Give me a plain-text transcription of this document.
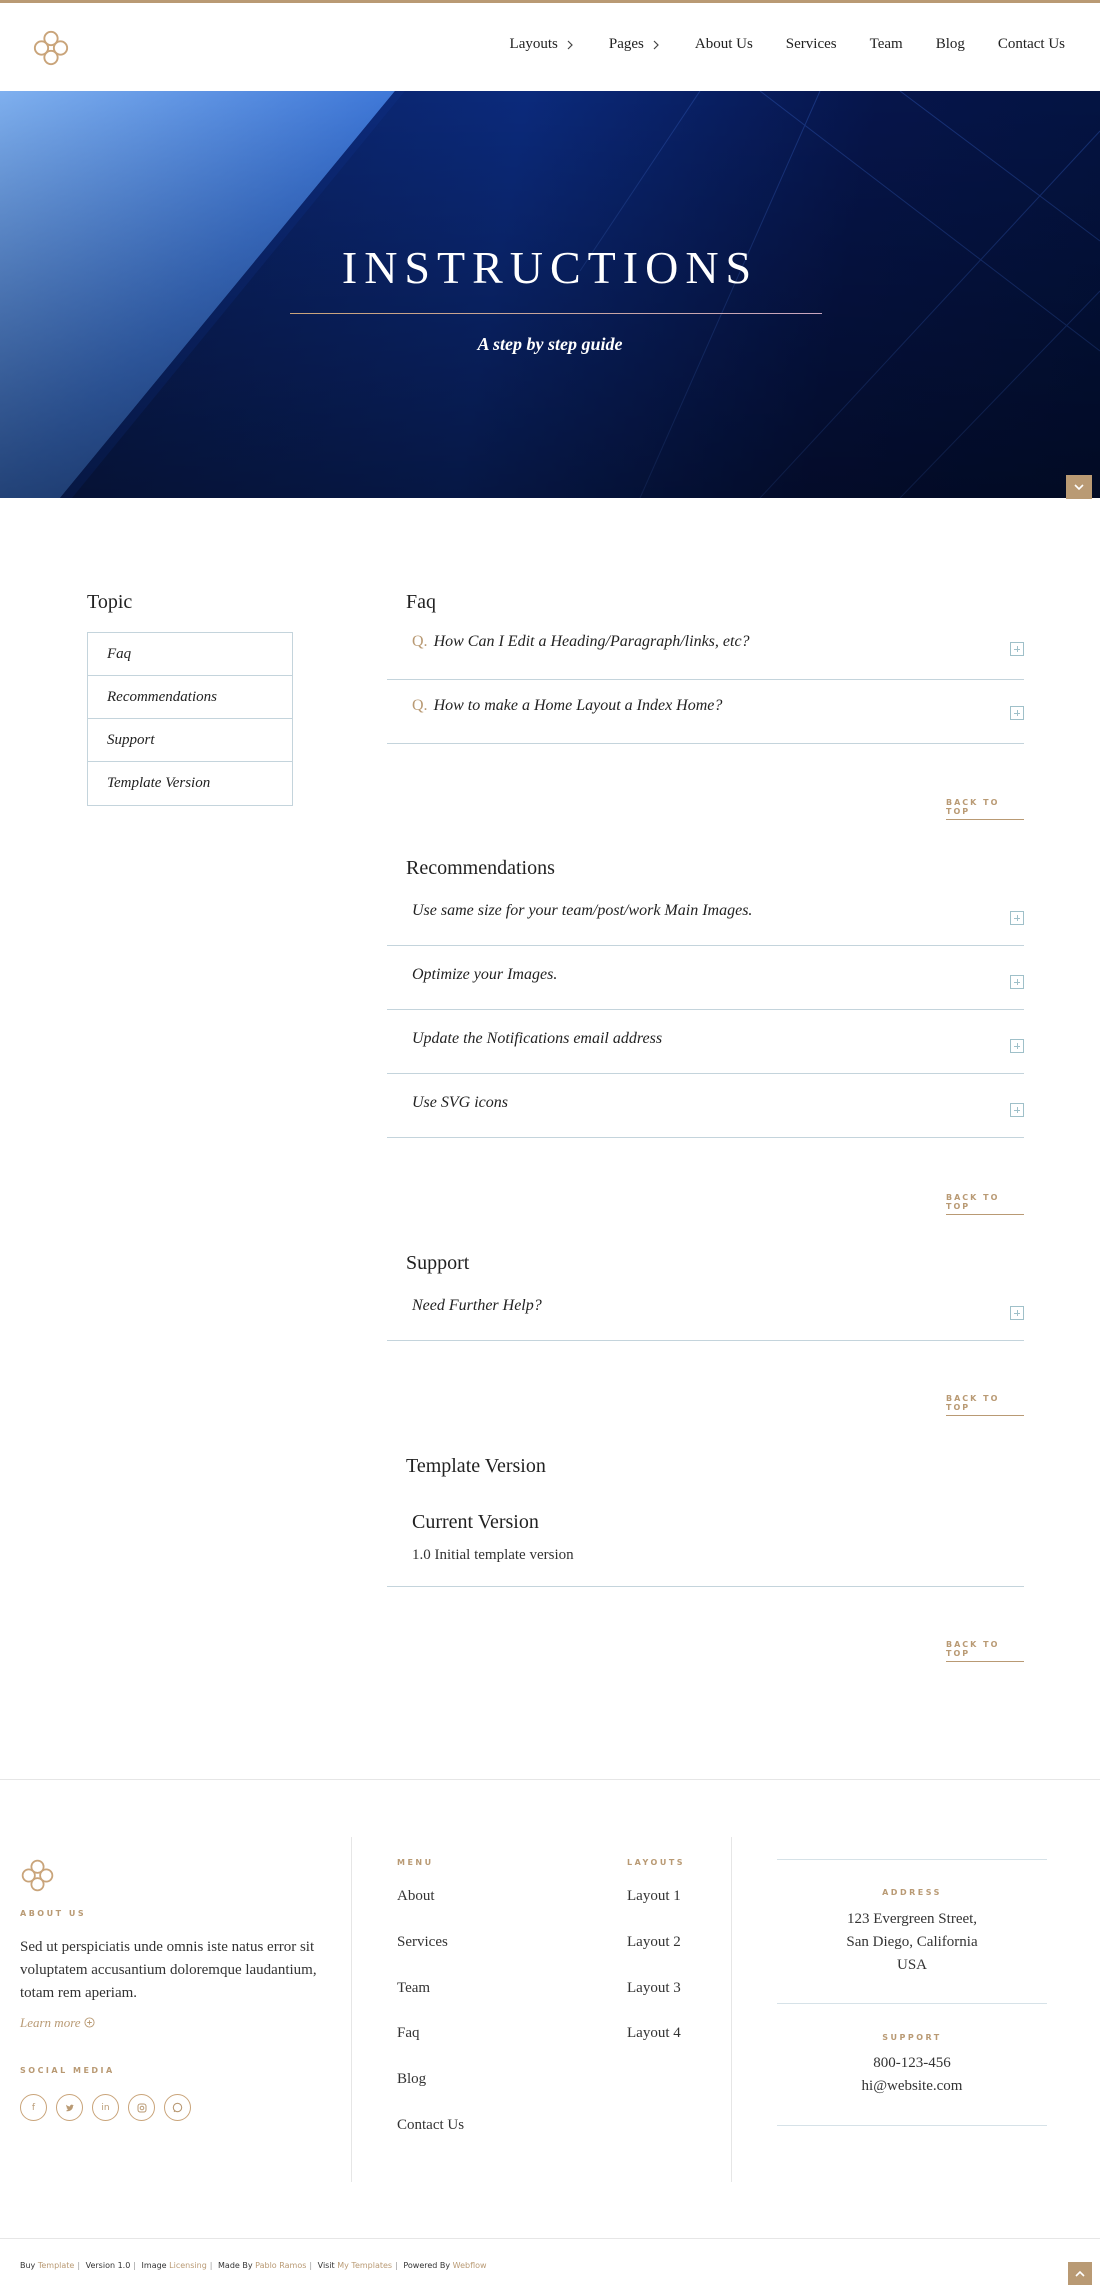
Layouts	Pages	About Us Services Team Blog Contact Us
INSTRUCTIONS
A step by step guide
Topic
Faq
Recommendations
Support
Template Version
Faq
Q. How Can I Edit a Heading/Paragraph/links, etc?
Q. How to make a Home Layout a Index Home?
BACK TO TOP
Recommendations
Use same size for your team/post/work Main Images.
Optimize your Images.
Update the Notifications email address
Use SVG icons
BACK TO TOP
Support
Need Further Help?
BACK TO TOP
Template Version
Current Version
1.0 Initial template version
BACK TO TOP
ABOUT US
Sed ut perspiciatis unde omnis iste natus error sit voluptatem accusantium doloremque laudantium, totam rem aperiam.
Learn more
SOCIAL MEDIA
f	in
MENU
About
Services
Team
Faq
Blog
Contact Us
LAYOUTS
Layout 1
Layout 2
Layout 3
Layout 4
ADDRESS
123 Evergreen Street,
San Diego, California
USA
SUPPORT
800-123-456
hi@website.com
Buy Template | Version 1.0 | Image Licensing | Made By Pablo Ramos | Visit My Templates | Powered By Webflow
